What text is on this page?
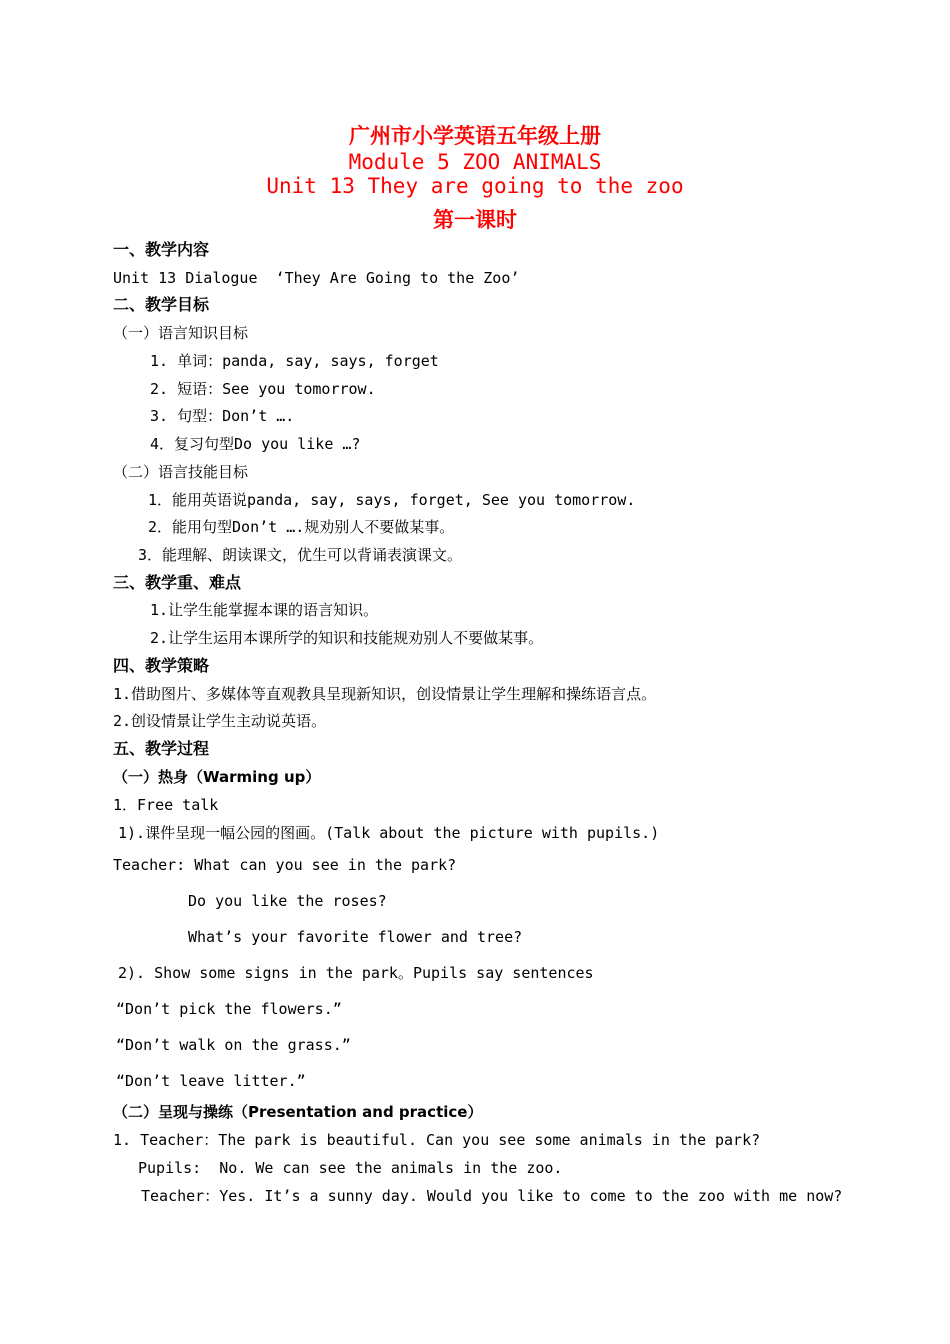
广州市小学英语五年级上册
Module 5 ZOO ANIMALS
Unit 13 They are going to the zoo
第一课时
一、教学内容
Unit 13 Dialogue  ‘They Are Going to the Zoo’
二、教学目标
（一）语言知识目标
1. 单词：panda, say, says, forget
2. 短语：See you tomorrow.
3. 句型：Don’t ….
4．复习句型Do you like …?
（二）语言技能目标
1．能用英语说panda, say, says, forget, See you tomorrow.
2．能用句型Don’t ….规劝别人不要做某事。
3．能理解、朗读课文，优生可以背诵表演课文。
三、教学重、难点
1.让学生能掌握本课的语言知识。
2.让学生运用本课所学的知识和技能规劝别人不要做某事。
四、教学策略
1.借助图片、多媒体等直观教具呈现新知识，创设情景让学生理解和操练语言点。
2.创设情景让学生主动说英语。
五、教学过程
（一）热身（Warming up）
1．Free talk
1).课件呈现一幅公园的图画。(Talk about the picture with pupils.)
Teacher: What can you see in the park?
Do you like the roses?
What’s your favorite flower and tree?
2). Show some signs in the park。Pupils say sentences
“Don’t pick the flowers.”
“Don’t walk on the grass.”
“Don’t leave litter.”
（二）呈现与操练（Presentation and practice）
1. Teacher：The park is beautiful. Can you see some animals in the park?
Pupils:  No. We can see the animals in the zoo.
Teacher：Yes. It’s a sunny day. Would you like to come to the zoo with me now?
